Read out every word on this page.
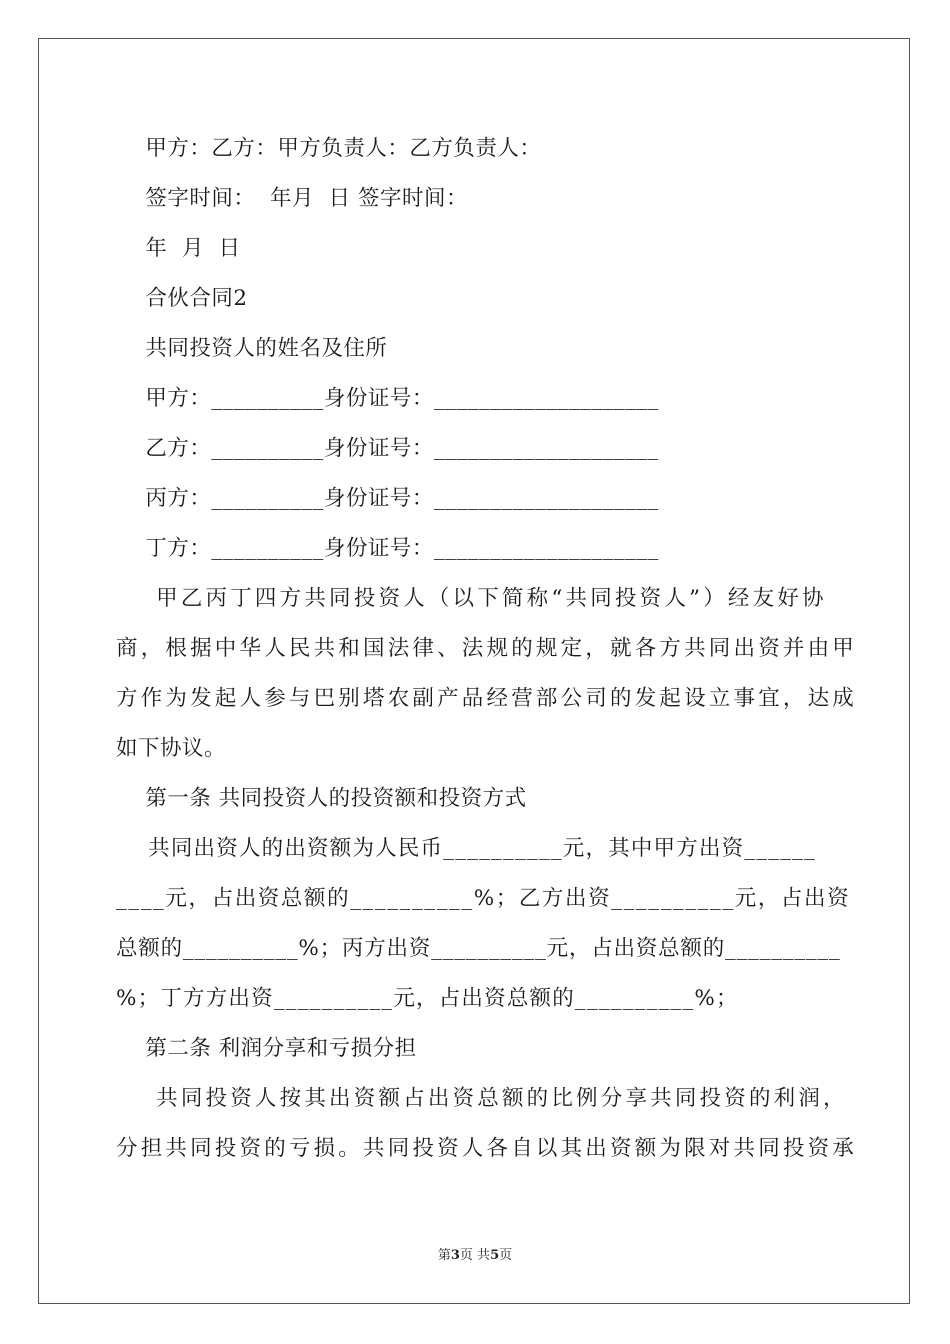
甲方：乙方：甲方负责人：乙方负责人：
签字时间：  年月  日 签字时间：
年  月  日
合伙合同2
共同投资人的姓名及住所
甲方：__________身份证号：____________________
乙方：__________身份证号：____________________
丙方：__________身份证号：____________________
丁方：__________身份证号：____________________
甲乙丙丁四方共同投资人（以下简称“共同投资人”）经友好协
商，根据中华人民共和国法律、法规的规定，就各方共同出资并由甲
方作为发起人参与巴别塔农副产品经营部公司的发起设立事宜，达成
如下协议。
第一条 共同投资人的投资额和投资方式
共同出资人的出资额为人民币__________元，其中甲方出资______
____元，占出资总额的__________%；乙方出资__________元，占出资
总额的__________%；丙方出资__________元，占出资总额的__________
%；丁方方出资__________元，占出资总额的__________%；
第二条 利润分享和亏损分担
共同投资人按其出资额占出资总额的比例分享共同投资的利润，
分担共同投资的亏损。共同投资人各自以其出资额为限对共同投资承
第3页 共5页
